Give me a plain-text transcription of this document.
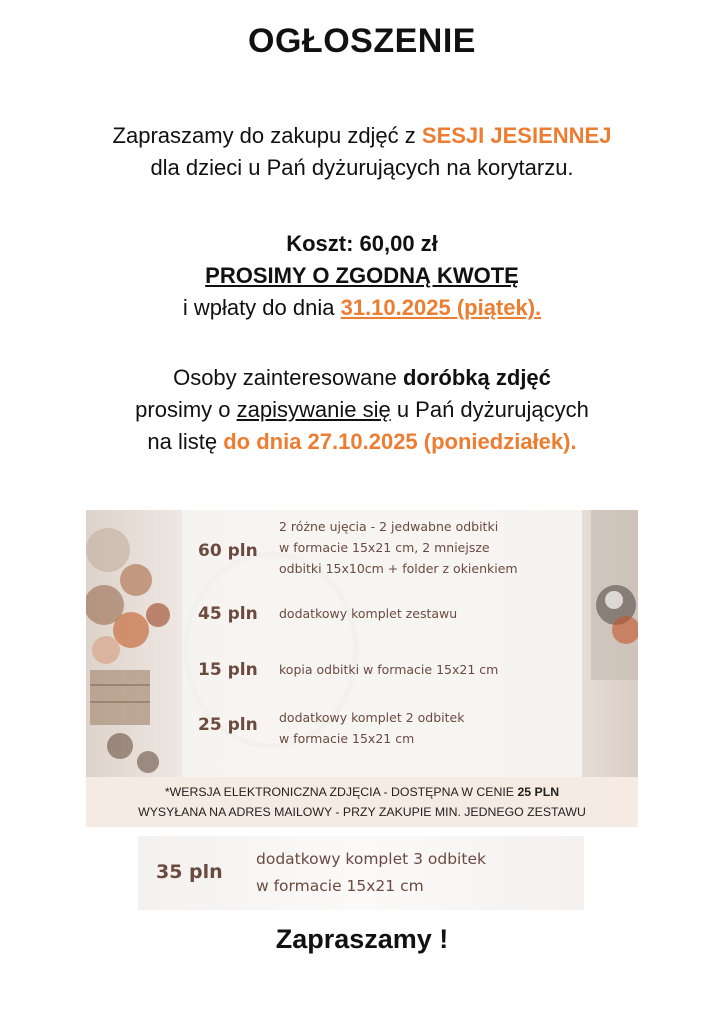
OGŁOSZENIE
Zapraszamy do zakupu zdjęć z SESJI JESIENNEJ
dla dzieci u Pań dyżurujących na korytarzu.
Koszt: 60,00 zł
PROSIMY O ZGODNĄ KWOTĘ
i wpłaty do dnia 31.10.2025 (piątek).
Osoby zainteresowane doróbką zdjęć
prosimy o zapisywanie się u Pań dyżurujących
na listę do dnia 27.10.2025 (poniedziałek).
60 pln
2 różne ujęcia - 2 jedwabne odbitki
w formacie 15x21 cm, 2 mniejsze
odbitki 15x10cm + folder z okienkiem
45 pln dodatkowy komplet zestawu
15 pln kopia odbitki w formacie 15x21 cm
25 pln dodatkowy komplet 2 odbitek
w formacie 15x21 cm
*WERSJA ELEKTRONICZNA ZDJĘCIA - DOSTĘPNA W CENIE 25 PLN
WYSYŁANA NA ADRES MAILOWY - PRZY ZAKUPIE MIN. JEDNEGO ZESTAWU
35 pln
dodatkowy komplet 3 odbitek
w formacie 15x21 cm
Zapraszamy !
